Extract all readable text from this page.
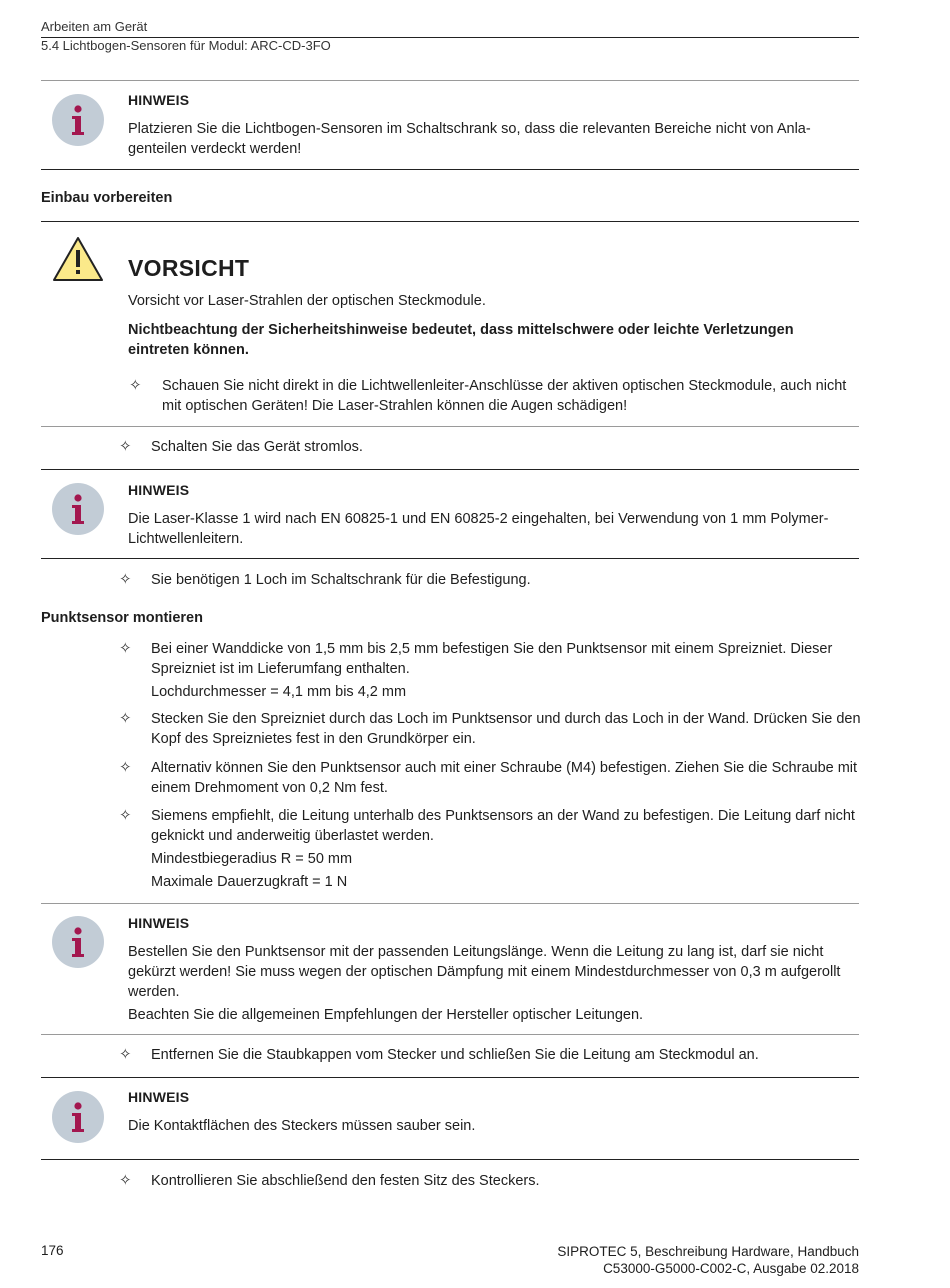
Arbeiten am Gerät
5.4 Lichtbogen-Sensoren für Modul: ARC-CD-3FO
HINWEIS

Platzieren Sie die Lichtbogen-Sensoren im Schaltschrank so, dass die relevanten Bereiche nicht von Anla-genteilen verdeckt werden!

Einbau vorbereiten
VORSICHT

Vorsicht vor Laser-Strahlen der optischen Steckmodule.

Nichtbeachtung der Sicherheitshinweise bedeutet, dass mittelschwere oder leichte Verletzungen eintreten können.

✧ Schauen Sie nicht direkt in die Lichtwellenleiter-Anschlüsse der aktiven optischen Steckmodule, auch nicht mit optischen Geräten! Die Laser-Strahlen können die Augen schädigen!
✧ Schalten Sie das Gerät stromlos.
HINWEIS

Die Laser-Klasse 1 wird nach EN 60825-1 und EN 60825-2 eingehalten, bei Verwendung von 1 mm Polymer-Lichtwellenleitern.

✧ Sie benötigen 1 Loch im Schaltschrank für die Befestigung.
Punktsensor montieren
✧ Bei einer Wanddicke von 1,5 mm bis 2,5 mm befestigen Sie den Punktsensor mit einem Spreizniet. Dieser Spreizniet ist im Lieferumfang enthalten.
Lochdurchmesser = 4,1 mm bis 4,2 mm
✧ Stecken Sie den Spreizniet durch das Loch im Punktsensor und durch das Loch in der Wand. Drücken Sie den Kopf des Spreiznietes fest in den Grundkörper ein.
✧ Alternativ können Sie den Punktsensor auch mit einer Schraube (M4) befestigen. Ziehen Sie die Schraube mit einem Drehmoment von 0,2 Nm fest.
✧ Siemens empfiehlt, die Leitung unterhalb des Punktsensors an der Wand zu befestigen. Die Leitung darf nicht geknickt und anderweitig überlastet werden.
Mindestbiegeradius R = 50 mm
Maximale Dauerzugkraft = 1 N
HINWEIS

Bestellen Sie den Punktsensor mit der passenden Leitungslänge. Wenn die Leitung zu lang ist, darf sie nicht gekürzt werden! Sie muss wegen der optischen Dämpfung mit einem Mindestdurchmesser von 0,3 m aufgerollt werden.

Beachten Sie die allgemeinen Empfehlungen der Hersteller optischer Leitungen.

✧ Entfernen Sie die Staubkappen vom Stecker und schließen Sie die Leitung am Steckmodul an.
HINWEIS

Die Kontaktflächen des Steckers müssen sauber sein.

✧ Kontrollieren Sie abschließend den festen Sitz des Steckers.
176	SIPROTEC 5, Beschreibung Hardware, Handbuch
C53000-G5000-C002-C, Ausgabe 02.2018
